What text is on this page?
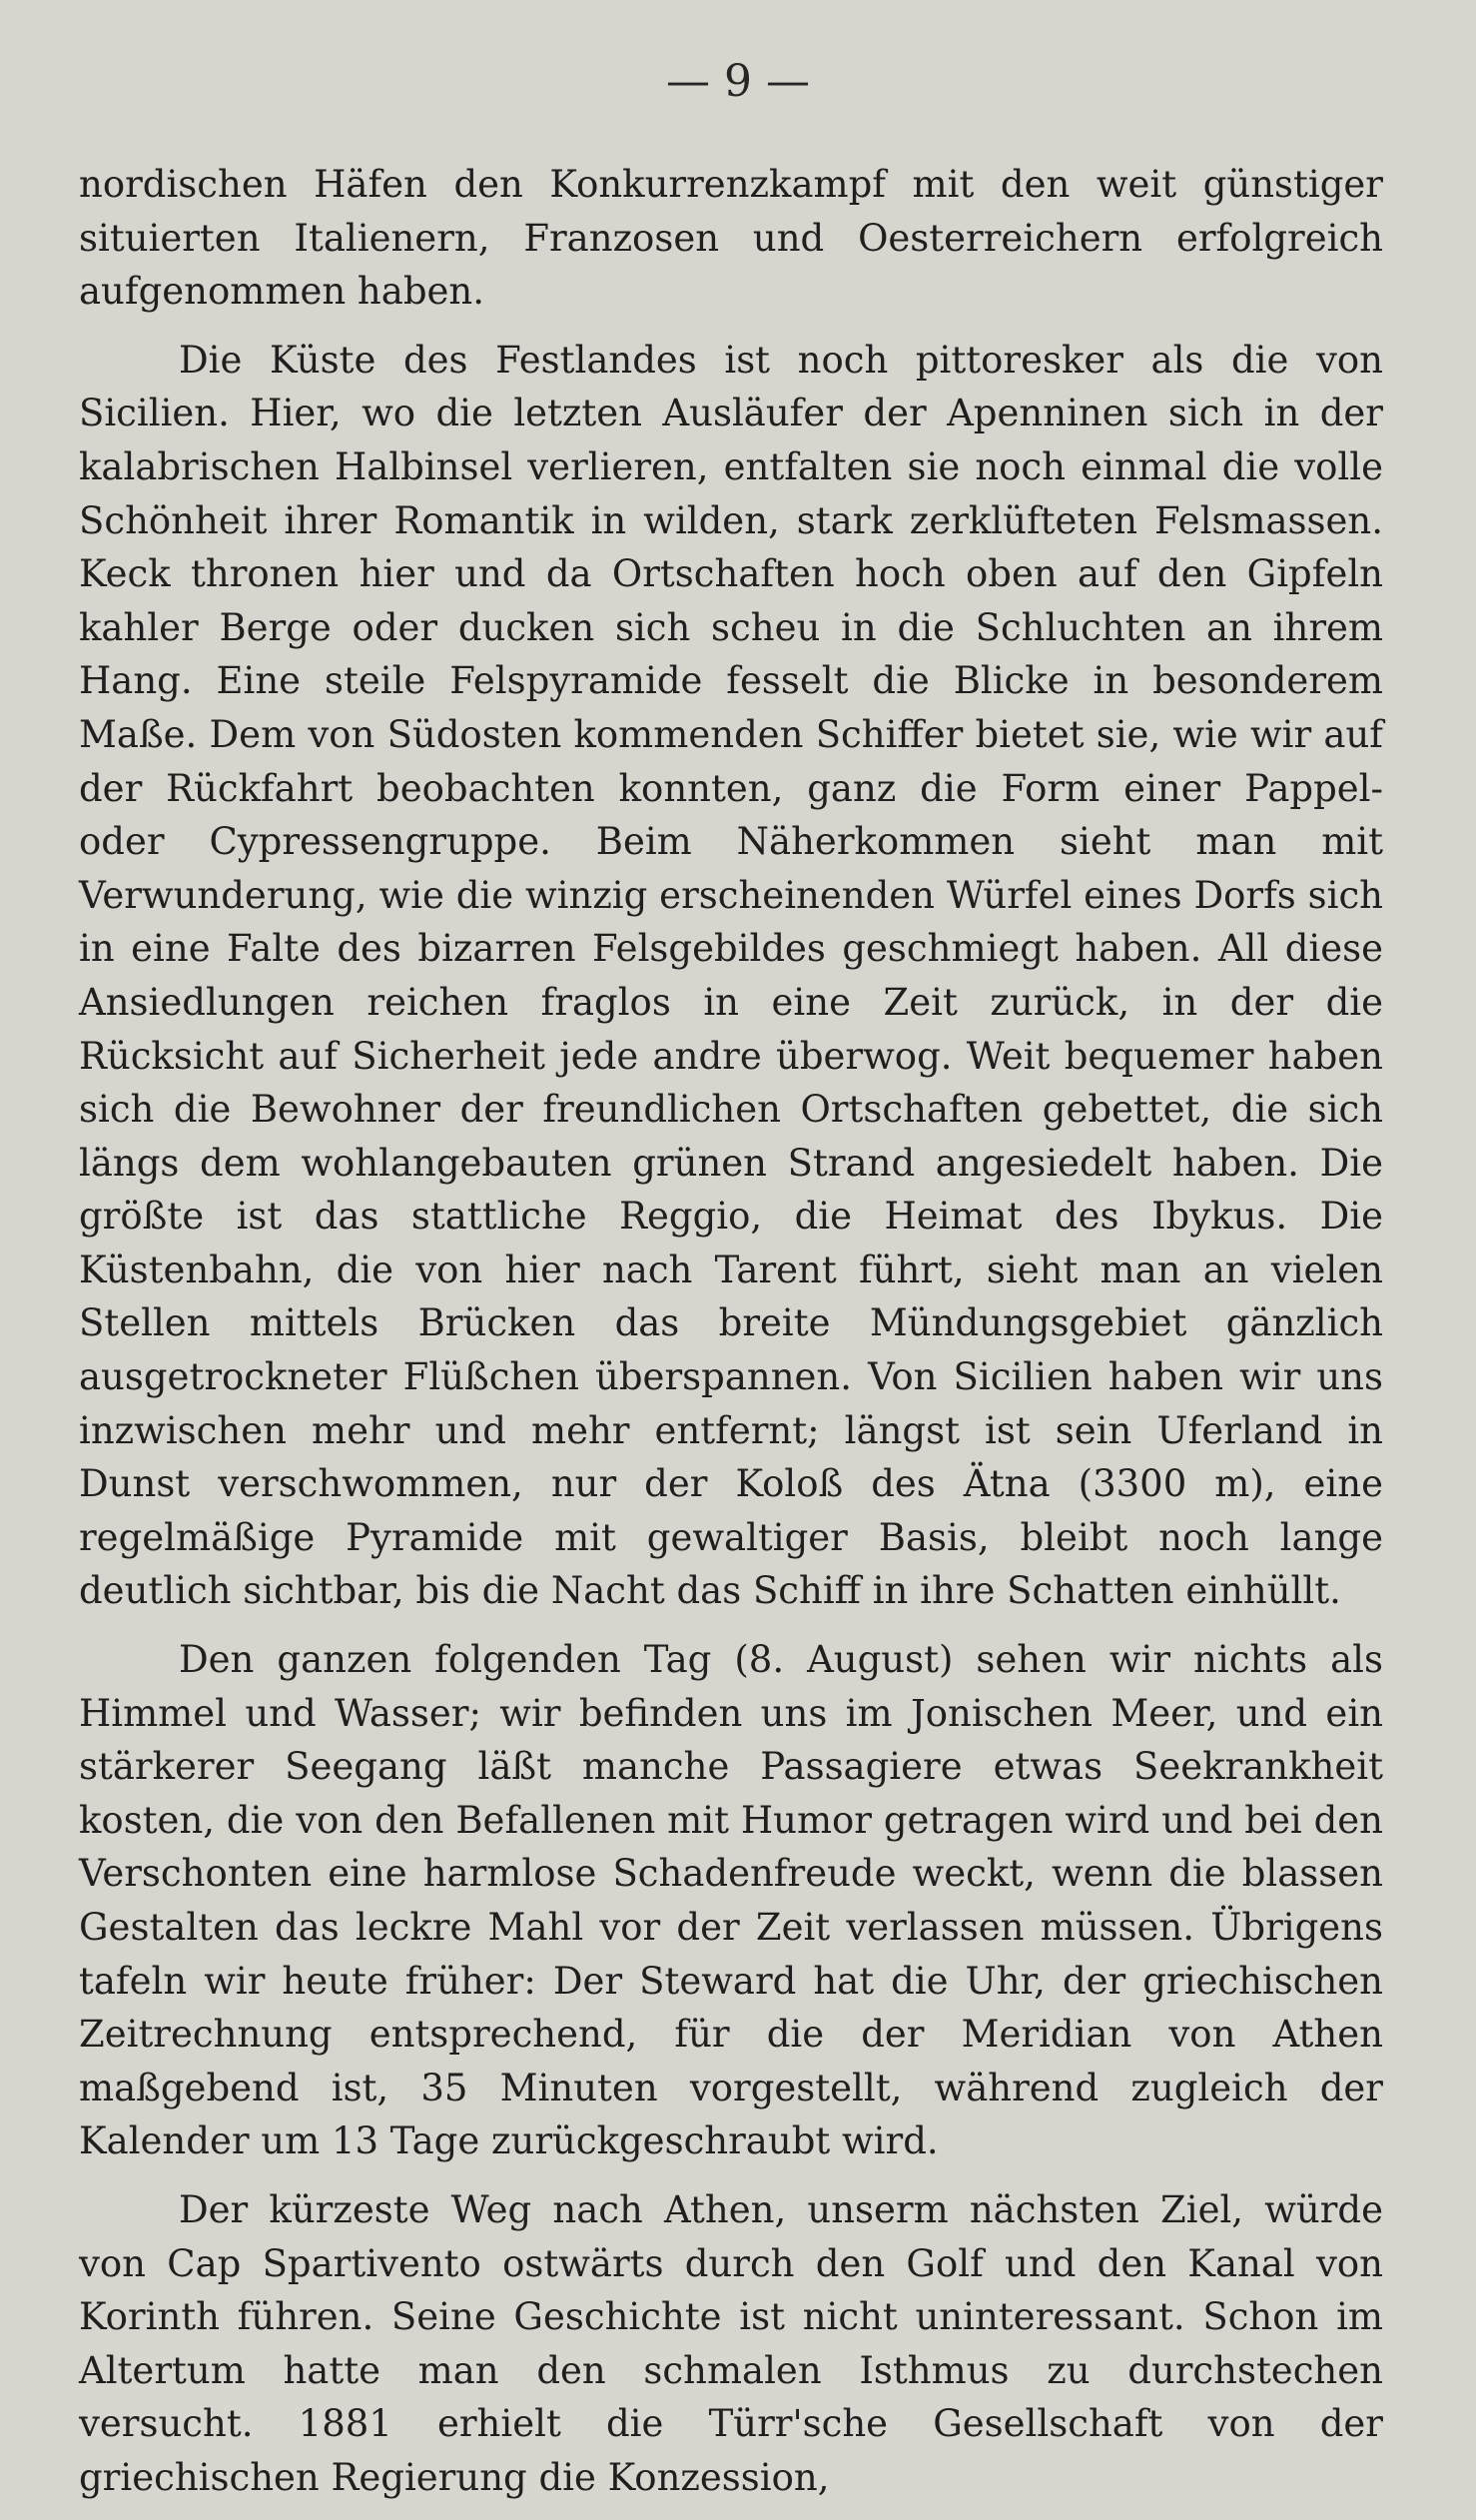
— 9 —

nordischen Häfen den Konkurrenzkampf mit den weit günstiger situierten Italienern, Franzosen und Oesterreichern erfolgreich aufgenommen haben.

Die Küste des Festlandes ist noch pittoresker als die von Sicilien. Hier, wo die letzten Ausläufer der Apenninen sich in der kalabrischen Halbinsel verlieren, entfalten sie noch einmal die volle Schönheit ihrer Romantik in wilden, stark zerklüfteten Felsmassen. Keck thronen hier und da Ortschaften hoch oben auf den Gipfeln kahler Berge oder ducken sich scheu in die Schluchten an ihrem Hang. Eine steile Felspyramide fesselt die Blicke in besonderem Maße. Dem von Südosten kommenden Schiffer bietet sie, wie wir auf der Rückfahrt beobachten konnten, ganz die Form einer Pappel- oder Cypressengruppe. Beim Näherkommen sieht man mit Verwunderung, wie die winzig erscheinenden Würfel eines Dorfs sich in eine Falte des bizarren Felsgebildes geschmiegt haben. All diese Ansiedlungen reichen fraglos in eine Zeit zurück, in der die Rücksicht auf Sicherheit jede andre überwog. Weit bequemer haben sich die Bewohner der freundlichen Ortschaften gebettet, die sich längs dem wohlangebauten grünen Strand angesiedelt haben. Die größte ist das stattliche Reggio, die Heimat des Ibykus. Die Küstenbahn, die von hier nach Tarent führt, sieht man an vielen Stellen mittels Brücken das breite Mündungsgebiet gänzlich ausgetrockneter Flüßchen überspannen. Von Sicilien haben wir uns inzwischen mehr und mehr entfernt; längst ist sein Uferland in Dunst verschwommen, nur der Koloß des Ätna (3300 m), eine regelmäßige Pyramide mit gewaltiger Basis, bleibt noch lange deutlich sichtbar, bis die Nacht das Schiff in ihre Schatten einhüllt.

Den ganzen folgenden Tag (8. August) sehen wir nichts als Himmel und Wasser; wir befinden uns im Jonischen Meer, und ein stärkerer Seegang läßt manche Passagiere etwas Seekrankheit kosten, die von den Befallenen mit Humor getragen wird und bei den Verschonten eine harmlose Schadenfreude weckt, wenn die blassen Gestalten das leckre Mahl vor der Zeit verlassen müssen. Übrigens tafeln wir heute früher: Der Steward hat die Uhr, der griechischen Zeitrechnung entsprechend, für die der Meridian von Athen maßgebend ist, 35 Minuten vorgestellt, während zugleich der Kalender um 13 Tage zurückgeschraubt wird.

Der kürzeste Weg nach Athen, unserm nächsten Ziel, würde von Cap Spartivento ostwärts durch den Golf und den Kanal von Korinth führen. Seine Geschichte ist nicht uninteressant. Schon im Altertum hatte man den schmalen Isthmus zu durchstechen versucht. 1881 erhielt die Türr'sche Gesellschaft von der griechischen Regierung die Konzession,
